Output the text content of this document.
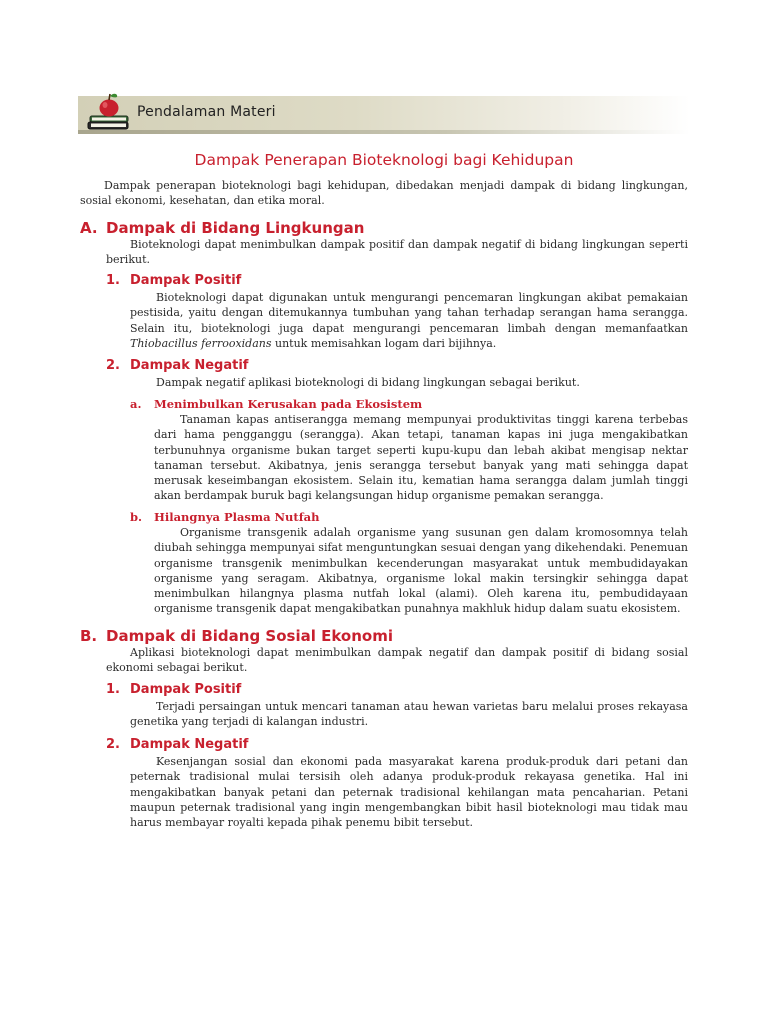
Pendalaman Materi
Dampak Penerapan Bioteknologi bagi Kehidupan

Dampak penerapan bioteknologi bagi kehidupan, dibedakan menjadi dampak di bidang lingkungan, sosial ekonomi, kesehatan, dan etika moral.

A. Dampak di Bidang Lingkungan

Bioteknologi dapat menimbulkan dampak positif dan dampak negatif di bidang lingkungan seperti berikut.

1. Dampak Positif

Bioteknologi dapat digunakan untuk mengurangi pencemaran lingkungan akibat pemakaian pestisida, yaitu dengan ditemukannya tumbuhan yang tahan terhadap serangan hama serangga. Selain itu, bioteknologi juga dapat mengurangi pencemaran limbah dengan memanfaatkan Thiobacillus ferrooxidans untuk memisahkan logam dari bijihnya.

2. Dampak Negatif

Dampak negatif aplikasi bioteknologi di bidang lingkungan sebagai berikut.

a. Menimbulkan Kerusakan pada Ekosistem

Tanaman kapas antiserangga memang mempunyai produktivitas tinggi karena terbebas dari hama pengganggu (serangga). Akan tetapi, tanaman kapas ini juga mengakibatkan terbunuhnya organisme bukan target seperti kupu-kupu dan lebah akibat mengisap nektar tanaman tersebut. Akibatnya, jenis serangga tersebut banyak yang mati sehingga dapat merusak keseimbangan ekosistem. Selain itu, kematian hama serangga dalam jumlah tinggi akan berdampak buruk bagi kelangsungan hidup organisme pemakan serangga.

b. Hilangnya Plasma Nutfah

Organisme transgenik adalah organisme yang susunan gen dalam kromosomnya telah diubah sehingga mempunyai sifat menguntungkan sesuai dengan yang dikehendaki. Penemuan organisme transgenik menimbulkan kecenderungan masyarakat untuk membudidayakan organisme yang seragam. Akibatnya, organisme lokal makin tersingkir sehingga dapat menimbulkan hilangnya plasma nutfah lokal (alami). Oleh karena itu, pembudidayaan organisme transgenik dapat mengakibatkan punahnya makhluk hidup dalam suatu ekosistem.

B. Dampak di Bidang Sosial Ekonomi

Aplikasi bioteknologi dapat menimbulkan dampak negatif dan dampak positif di bidang sosial ekonomi sebagai berikut.

1. Dampak Positif

Terjadi persaingan untuk mencari tanaman atau hewan varietas baru melalui proses rekayasa genetika yang terjadi di kalangan industri.

2. Dampak Negatif

Kesenjangan sosial dan ekonomi pada masyarakat karena produk-produk dari petani dan peternak tradisional mulai tersisih oleh adanya produk-produk rekayasa genetika. Hal ini mengakibatkan banyak petani dan peternak tradisional kehilangan mata pencaharian. Petani maupun peternak tradisional yang ingin mengembangkan bibit hasil bioteknologi mau tidak mau harus membayar royalti kepada pihak penemu bibit tersebut.
